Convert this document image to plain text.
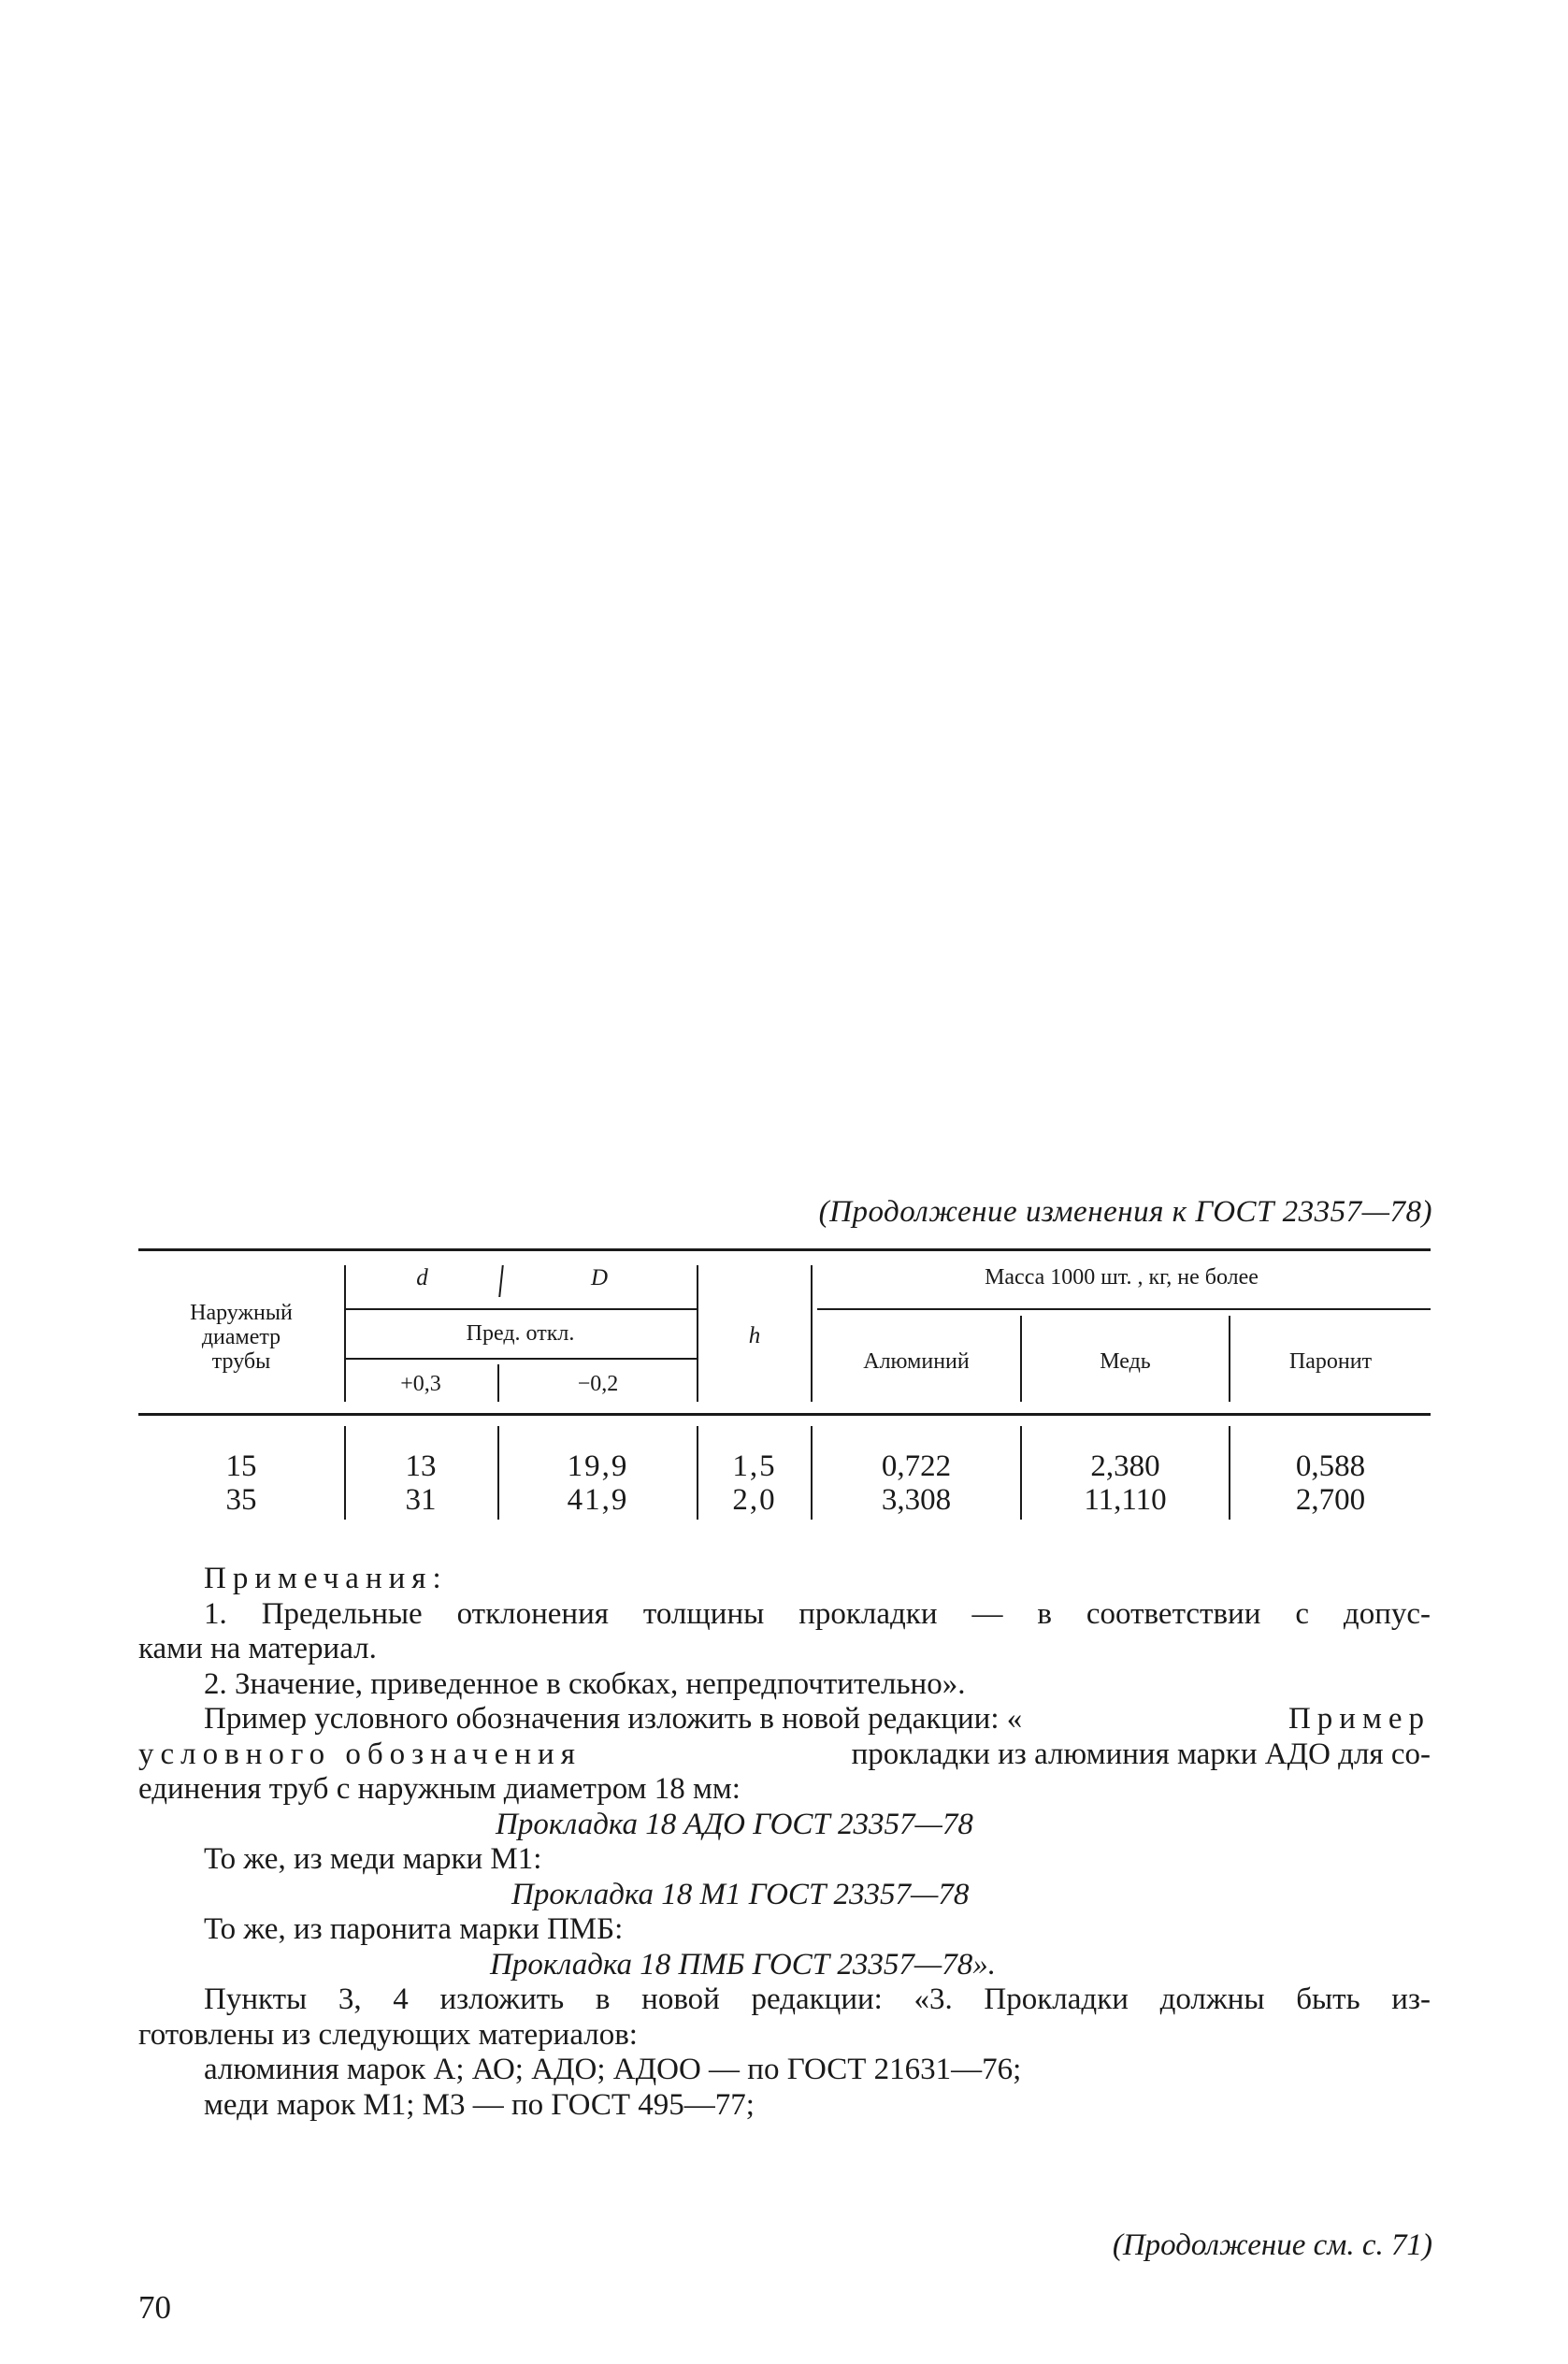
(Продолжение изменения к ГОСТ 23357—78)
Наружный
диаметр
трубы
d	D
Пред. откл.
+0,3	−0,2
h
Масса 1000 шт. , кг, не более
Алюминий	Медь	Паронит
15	13	19,9	1,5	0,722	2,380	0,588
35	31	41,9	2,0	3,308	11,110	2,700
Примечания:
1. Предельные отклонения толщины прокладки — в соответствии с допус-
ками на материал.
2. Значение, приведенное в скобках, непредпочтительно».
Пример условного обозначения изложить в новой редакции: «	Пример
условного обозначения	прокладки из алюминия марки АДО для со-
единения труб с наружным диаметром 18 мм:
Прокладка 18 АДО ГОСТ 23357—78
То же, из меди марки М1:
Прокладка 18 М1 ГОСТ 23357—78
То же, из паронита марки ПМБ:
Прокладка 18 ПМБ ГОСТ 23357—78».
Пункты 3, 4 изложить в новой редакции: «3. Прокладки должны быть из-
готовлены из следующих материалов:
алюминия марок А; АО; АДО; АДОО — по ГОСТ 21631—76;
меди марок М1; М3 — по ГОСТ 495—77;
(Продолжение см. с. 71)
70
